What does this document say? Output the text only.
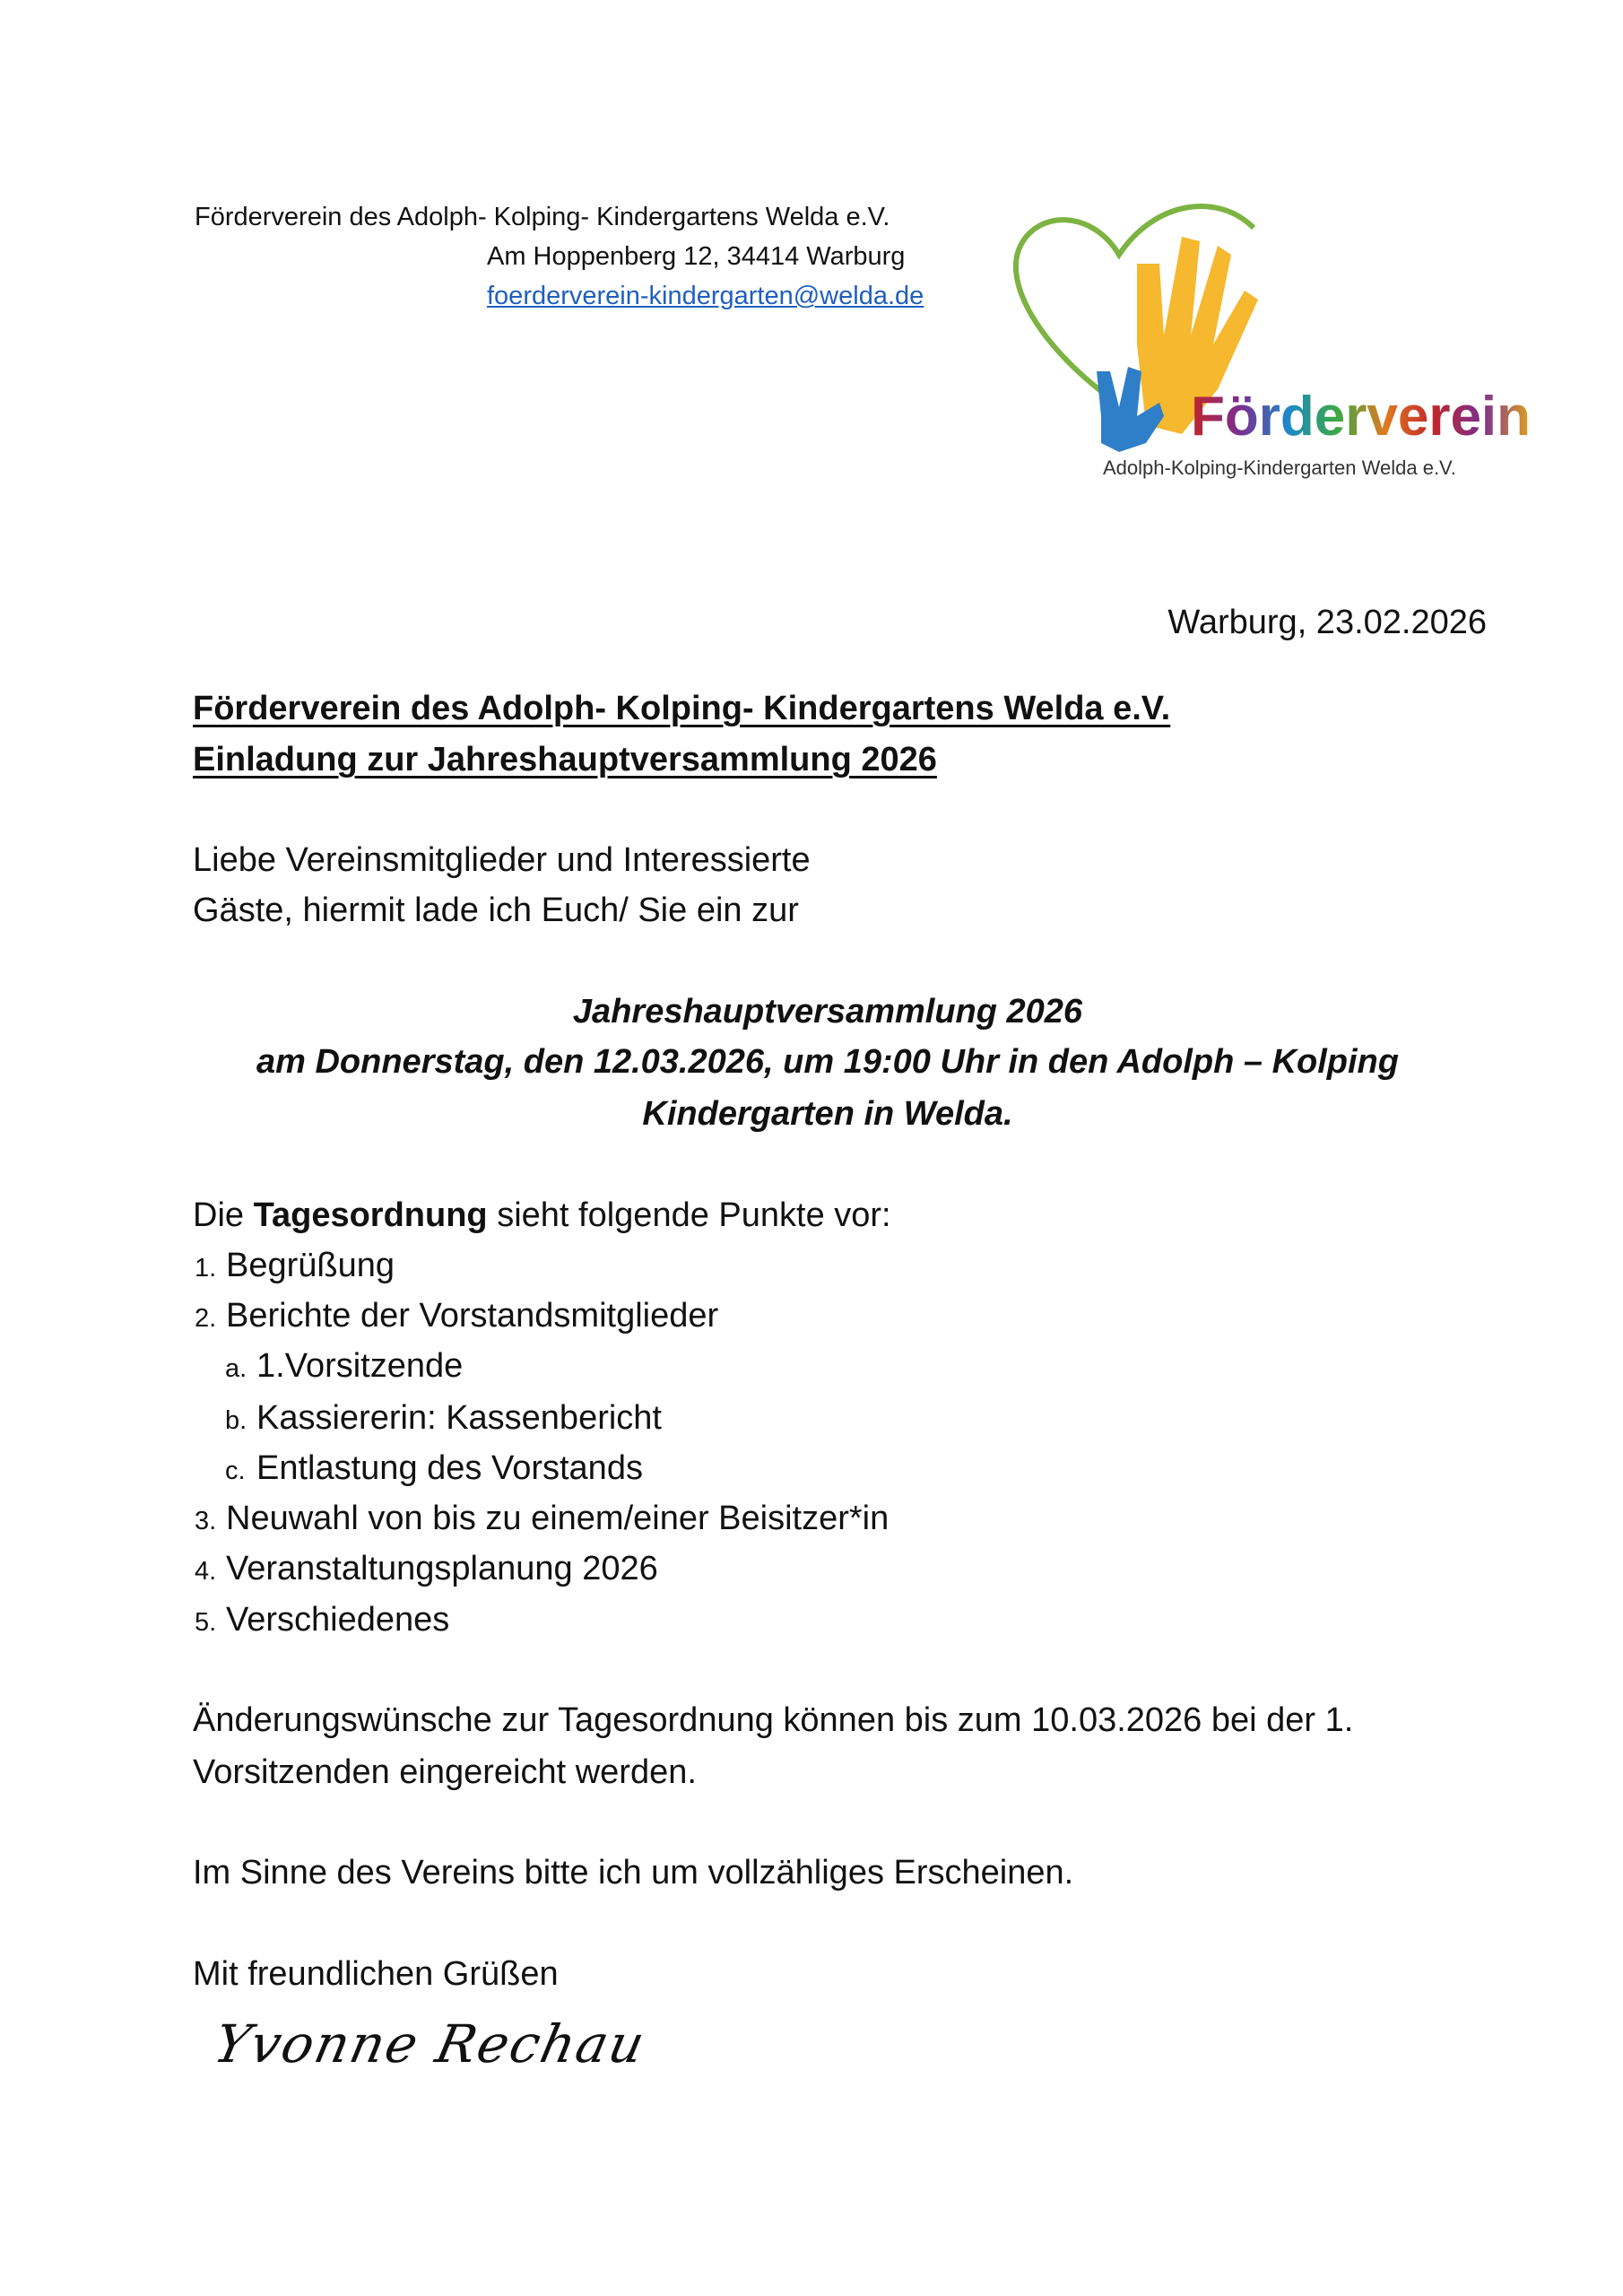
Förderverein des Adolph- Kolping- Kindergartens Welda e.V.
Am Hoppenberg 12, 34414 Warburg
foerderverein-kindergarten@welda.de
Förderverein
Adolph-Kolping-Kindergarten Welda e.V.
Warburg, 23.02.2026
Förderverein des Adolph- Kolping- Kindergartens Welda e.V.
Einladung zur Jahreshauptversammlung 2026
Liebe Vereinsmitglieder und Interessierte
Gäste, hiermit lade ich Euch/ Sie ein zur
Jahreshauptversammlung 2026
am Donnerstag, den 12.03.2026, um 19:00 Uhr in den Adolph – Kolping
Kindergarten in Welda.
Die Tagesordnung sieht folgende Punkte vor:
1. Begrüßung
2. Berichte der Vorstandsmitglieder
a. 1.Vorsitzende
b. Kassiererin: Kassenbericht
c. Entlastung des Vorstands
3. Neuwahl von bis zu einem/einer Beisitzer*in
4. Veranstaltungsplanung 2026
5. Verschiedenes
Änderungswünsche zur Tagesordnung können bis zum 10.03.2026 bei der 1.
Vorsitzenden eingereicht werden.
Im Sinne des Vereins bitte ich um vollzähliges Erscheinen.
Mit freundlichen Grüßen
Yvonne Rechau
